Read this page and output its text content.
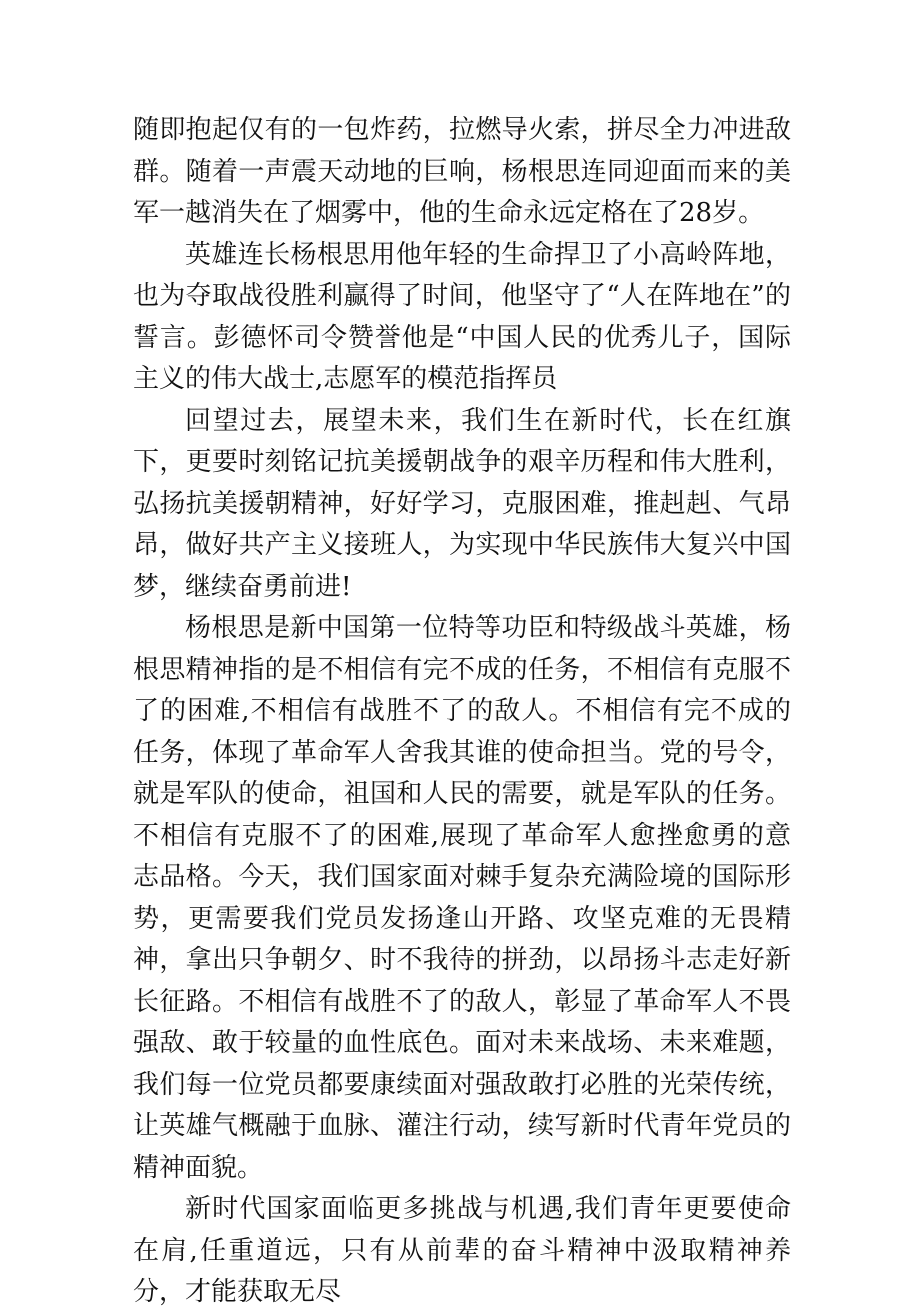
随即抱起仅有的一包炸药，拉燃导火索，拼尽全力冲进敌群。随着一声震天动地的巨响，杨根思连同迎面而来的美军一越消失在了烟雾中，他的生命永远定格在了28岁。

英雄连长杨根思用他年轻的生命捍卫了小高岭阵地，也为夺取战役胜利赢得了时间，他坚守了“人在阵地在”的誓言。彭德怀司令赞誉他是“中国人民的优秀儿子，国际主义的伟大战士,志愿军的模范指挥员

回望过去，展望未来，我们生在新时代，长在红旗下，更要时刻铭记抗美援朝战争的艰辛历程和伟大胜利，弘扬抗美援朝精神，好好学习，克服困难，推赳赳、气昂昂，做好共产主义接班人，为实现中华民族伟大复兴中国梦，继续奋勇前进!

杨根思是新中国第一位特等功臣和特级战斗英雄，杨根思精神指的是不相信有完不成的任务，不相信有克服不了的困难,不相信有战胜不了的敌人。不相信有完不成的任务，体现了革命军人舍我其谁的使命担当。党的号令，就是军队的使命，祖国和人民的需要，就是军队的任务。不相信有克服不了的困难,展现了革命军人愈挫愈勇的意志品格。今天，我们国家面对棘手复杂充满险境的国际形势，更需要我们党员发扬逢山开路、攻坚克难的无畏精神，拿出只争朝夕、时不我待的拼劲，以昂扬斗志走好新长征路。不相信有战胜不了的敌人，彰显了革命军人不畏强敌、敢于较量的血性底色。面对未来战场、未来难题，我们每一位党员都要康续面对强敌敢打必胜的光荣传统，让英雄气概融于血脉、灌注行动，续写新时代青年党员的精神面貌。

新时代国家面临更多挑战与机遇,我们青年更要使命在肩,任重道远，只有从前辈的奋斗精神中汲取精神养分，才能获取无尽
